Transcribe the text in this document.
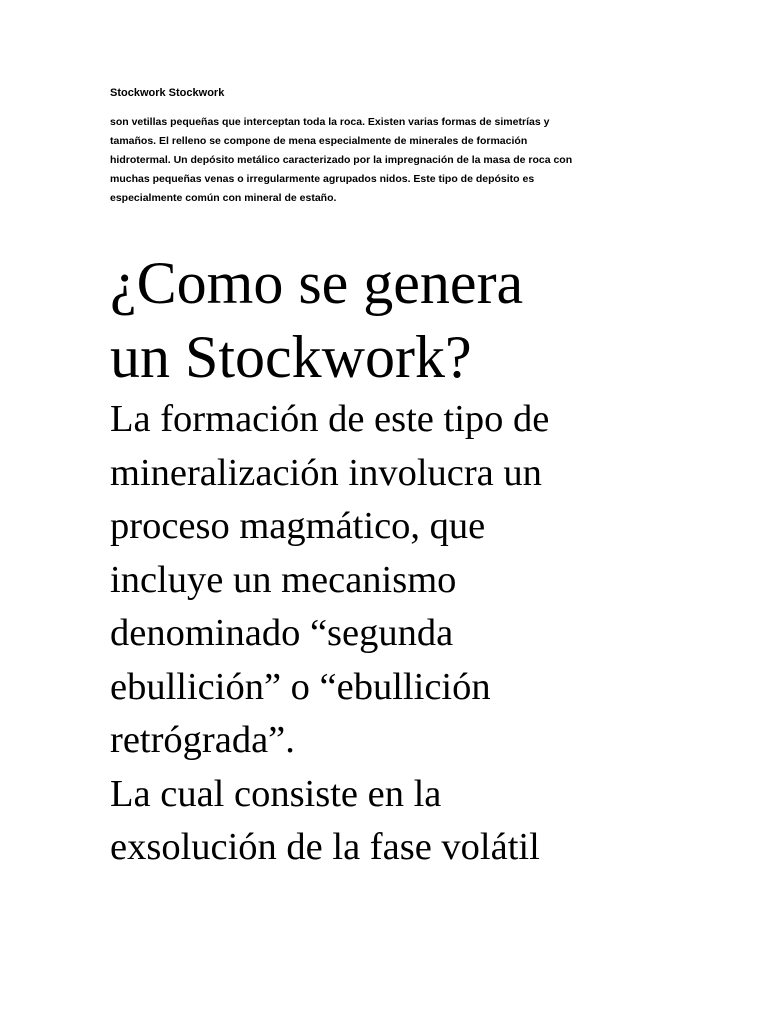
Stockwork Stockwork
son vetillas pequeñas que interceptan toda la roca. Existen varias formas de simetrías y
tamaños. El relleno se compone de mena especialmente de minerales de formación
hidrotermal. Un depósito metálico caracterizado por la impregnación de la masa de roca con
muchas pequeñas venas o irregularmente agrupados nidos. Este tipo de depósito es
especialmente común con mineral de estaño.
¿Como se genera
un Stockwork?
La formación de este tipo de
mineralización involucra un
proceso magmático, que
incluye un mecanismo
denominado “segunda
ebullición” o “ebullición
retrógrada”.
La cual consiste en la
exsolución de la fase volátil
